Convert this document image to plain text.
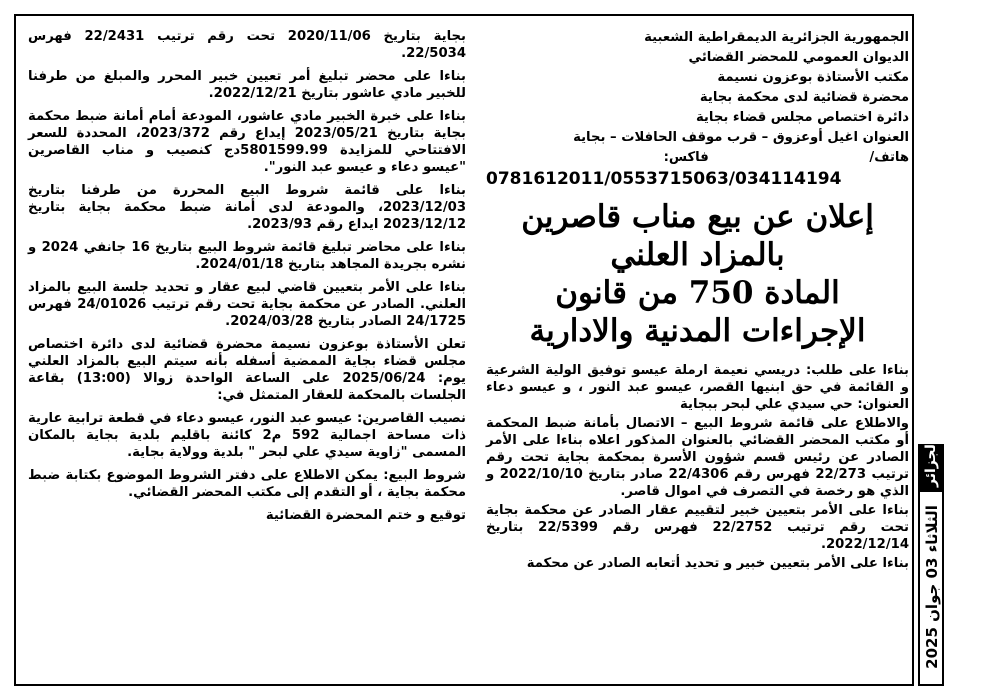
بجاية بتاريخ 2020/11/06 تحت رقم ترتيب 22/2431 فهرس 22/5034.

بناءا على محضر تبليغ أمر تعيين خبير المحرر والمبلغ من طرفنا للخبير مادي عاشور بتاريخ 2022/12/21.

بناءا على خبرة الخبير مادي عاشور، المودعة أمام أمانة ضبط محكمة بجاية بتاريخ 2023/05/21 إيداع رقم 2023/372، المحددة للسعر الافتتاحي للمزايدة 5801599.99دج كنصيب و مناب القاصرين "عيسو دعاء و عيسو عبد النور".

بناءا على قائمة شروط البيع المحررة من طرفنا بتاريخ 2023/12/03، والمودعة لدى أمانة ضبط محكمة بجاية بتاريخ 2023/12/12 ايداع رقم 2023/93.

بناءا على محاضر تبليغ قائمة شروط البيع بتاريخ 16 جانفي 2024 و نشره بجريدة المجاهد بتاريخ 2024/01/18.

بناءا على الأمر بتعيين قاضي لبيع عقار و تحديد جلسة البيع بالمزاد العلني. الصادر عن محكمة بجاية تحت رقم ترتيب 24/01026 فهرس 24/1725 الصادر بتاريخ 2024/03/28.

تعلن الأستاذة بوعزون نسيمة محضرة قضائية لدى دائرة اختصاص مجلس قضاء بجاية الممضية أسفله بأنه سيتم البيع بالمزاد العلني يوم: 2025/06/24 على الساعة الواحدة زوالا (13:00) بقاعة الجلسات بالمحكمة للعقار المتمثل في:

نصيب القاصرين: عيسو عبد النور، عيسو دعاء في قطعة ترابية عارية ذات مساحة اجمالية 592 م2 كائنة باقليم بلدية بجاية بالمكان المسمى "زاوية سيدي علي لبحر " بلدية وولاية بجاية.

شروط البيع: يمكن الاطلاع على دفتر الشروط الموضوع بكتابة ضبط محكمة بجاية ، أو التقدم إلى مكتب المحضر القضائي.

توقيع و ختم المحضرة القضائية

الجمهورية الجزائرية الديمقراطية الشعبية

الديوان العمومي للمحضر القضائي

مكتب الأستاذة بوعزون نسيمة

محضرة قضائية لدى محكمة بجاية

دائرة اختصاص مجلس قضاء بجاية

العنوان اغيل أوعزوق – قرب موقف الحافلات – بجاية

هاتف/                                   فاكس:

0781612011/0553715063/034114194

إعلان عن بيع مناب قاصرين
بالمزاد العلني
المادة 750 من قانون
الإجراءات المدنية والادارية

بناءا على طلب: دريسي نعيمة ارملة عيسو توفيق الولية الشرعية و القائمة في حق ابنيها القصر، عيسو عبد النور ، و عيسو دعاء العنوان: حي سيدي علي لبحر ببجاية

والاطلاع على قائمة شروط البيع – الاتصال بأمانة ضبط المحكمة أو مكتب المحضر القضائي بالعنوان المذكور اعلاه بناءا على الأمر الصادر عن رئيس قسم شؤون الأسرة بمحكمة بجاية تحت رقم ترتيب 22/273 فهرس رقم 22/4306 صادر بتاريخ 2022/10/10 و الذي هو رخصة في التصرف في اموال قاصر.

بناءا على الأمر بتعيين خبير لتقييم عقار الصادر عن محكمة بجاية تحت رقم ترتيب 22/2752 فهرس رقم 22/5399 بتاريخ 2022/12/14.

بناءا على الأمر بتعيين خبير و تحديد أتعابه الصادر عن محكمة

الجزائر
الثلاثاء 03 جوان 2025
